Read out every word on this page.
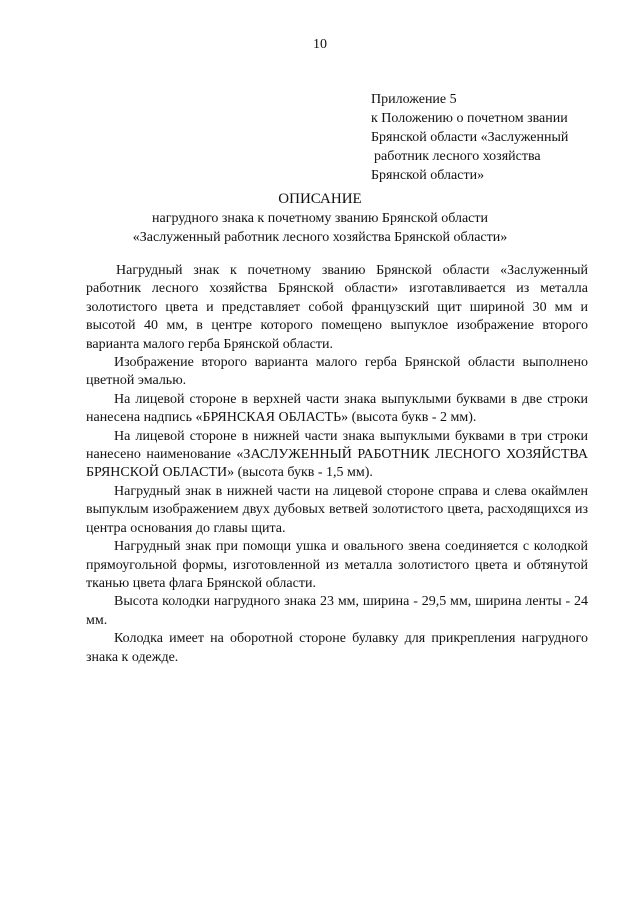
10
Приложение 5
к Положению о почетном звании
Брянской области «Заслуженный
работник лесного хозяйства
Брянской области»
ОПИСАНИЕ
нагрудного знака к почетному званию Брянской области
«Заслуженный работник лесного хозяйства Брянской области»

Нагрудный знак к почетному званию Брянской области «Заслуженный работник лесного хозяйства Брянской области» изготавливается из металла золотистого цвета и представляет собой французский щит шириной 30 мм и высотой 40 мм, в центре которого помещено выпуклое изображение второго варианта малого герба Брянской области.

Изображение второго варианта малого герба Брянской области выполнено цветной эмалью.

На лицевой стороне в верхней части знака выпуклыми буквами в две строки нанесена надпись «БРЯНСКАЯ ОБЛАСТЬ» (высота букв - 2 мм).

На лицевой стороне в нижней части знака выпуклыми буквами в три строки нанесено наименование «ЗАСЛУЖЕННЫЙ РАБОТНИК ЛЕСНОГО ХОЗЯЙСТВА БРЯНСКОЙ ОБЛАСТИ» (высота букв - 1,5 мм).

Нагрудный знак в нижней части на лицевой стороне справа и слева окаймлен выпуклым изображением двух дубовых ветвей золотистого цвета, расходящихся из центра основания до главы щита.

Нагрудный знак при помощи ушка и овального звена соединяется с колодкой прямоугольной формы, изготовленной из металла золотистого цвета и обтянутой тканью цвета флага Брянской области.

Высота колодки нагрудного знака 23 мм, ширина - 29,5 мм, ширина ленты - 24 мм.

Колодка имеет на оборотной стороне булавку для прикрепления нагрудного знака к одежде.
